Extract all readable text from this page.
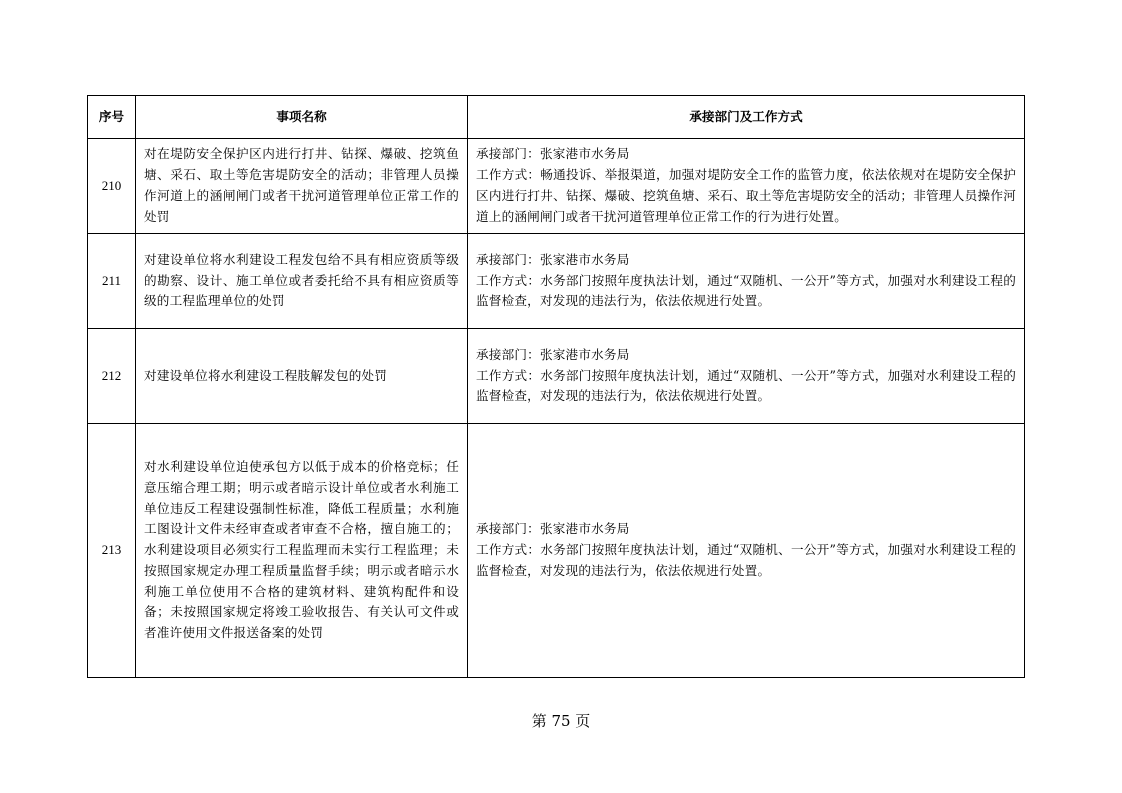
序号	事项名称	承接部门及工作方式
210	对在堤防安全保护区内进行打井、钻探、爆破、挖筑鱼塘、采石、取土等危害堤防安全的活动；非管理人员操作河道上的涵闸闸门或者干扰河道管理单位正常工作的处罚	承接部门：张家港市水务局
工作方式：畅通投诉、举报渠道，加强对堤防安全工作的监管力度，依法依规对在堤防安全保护区内进行打井、钻探、爆破、挖筑鱼塘、采石、取土等危害堤防安全的活动；非管理人员操作河道上的涵闸闸门或者干扰河道管理单位正常工作的行为进行处置。

211	对建设单位将水利建设工程发包给不具有相应资质等级的勘察、设计、施工单位或者委托给不具有相应资质等级的工程监理单位的处罚	承接部门：张家港市水务局
工作方式：水务部门按照年度执法计划，通过“双随机、一公开”等方式，加强对水利建设工程的监督检查，对发现的违法行为，依法依规进行处置。

212	对建设单位将水利建设工程肢解发包的处罚	承接部门：张家港市水务局
工作方式：水务部门按照年度执法计划，通过“双随机、一公开”等方式，加强对水利建设工程的监督检查，对发现的违法行为，依法依规进行处置。

213	对水利建设单位迫使承包方以低于成本的价格竞标；任意压缩合理工期；明示或者暗示设计单位或者水利施工单位违反工程建设强制性标准，降低工程质量；水利施工图设计文件未经审查或者审查不合格，擅自施工的；水利建设项目必须实行工程监理而未实行工程监理；未按照国家规定办理工程质量监督手续；明示或者暗示水利施工单位使用不合格的建筑材料、建筑构配件和设备；未按照国家规定将竣工验收报告、有关认可文件或者准许使用文件报送备案的处罚	承接部门：张家港市水务局
工作方式：水务部门按照年度执法计划，通过“双随机、一公开”等方式，加强对水利建设工程的监督检查，对发现的违法行为，依法依规进行处置。
第 75 页
